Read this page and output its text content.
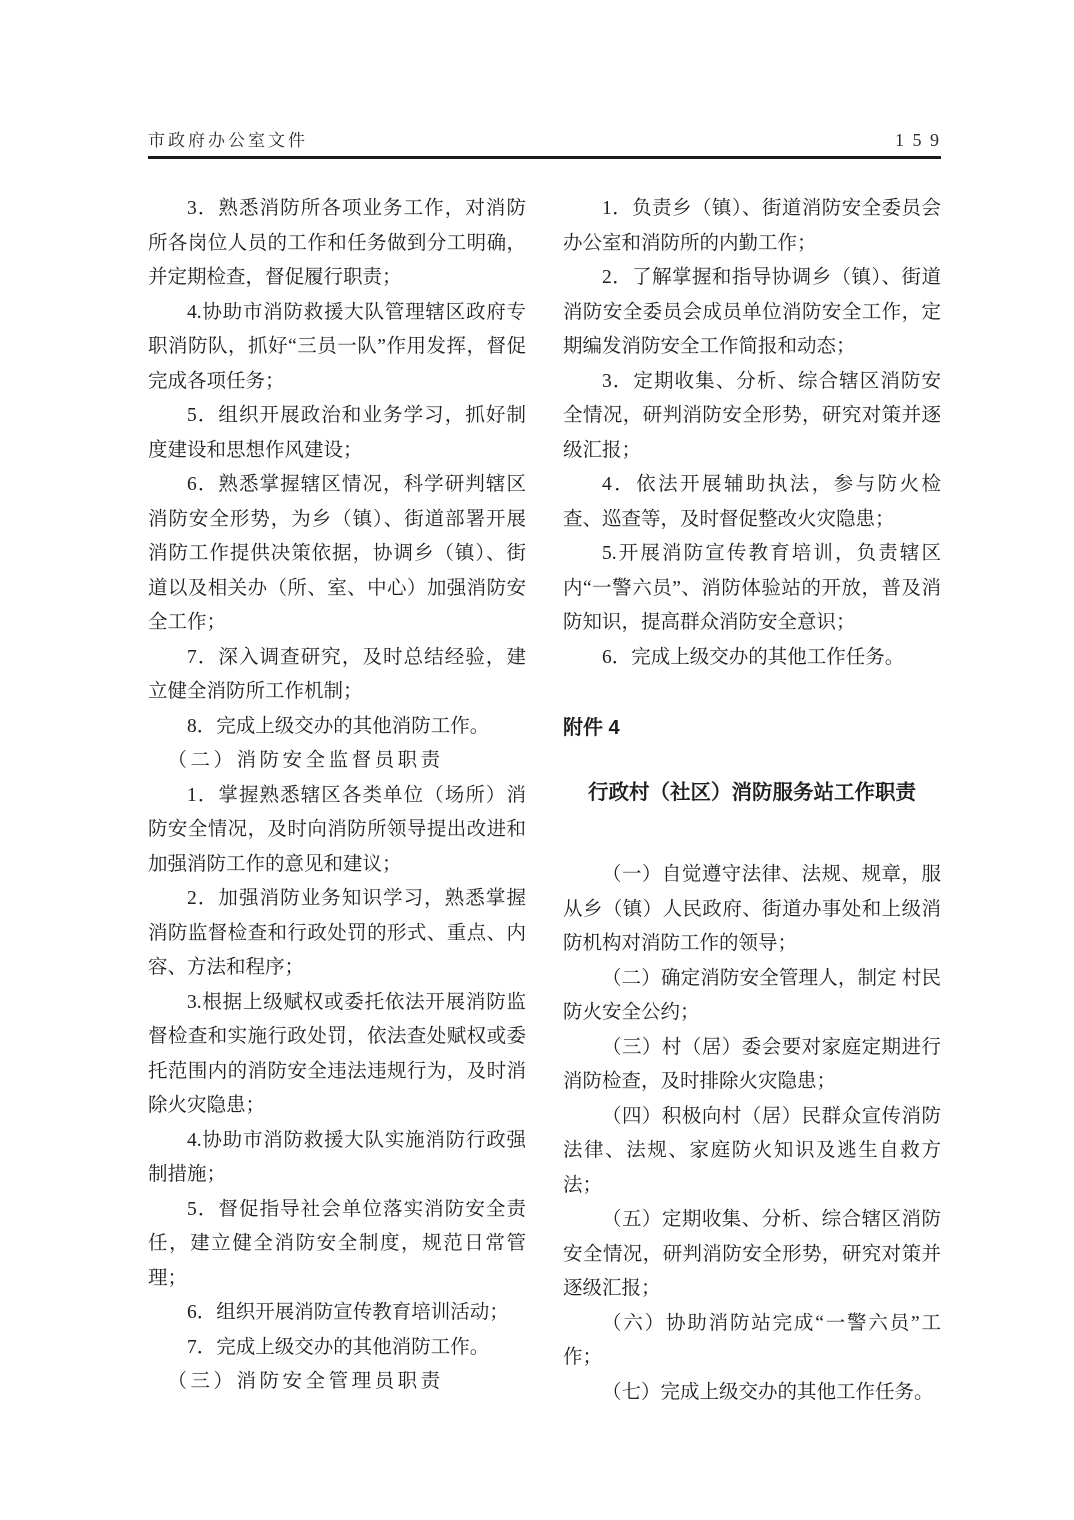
市政府办公室文件	1 5 9

3．熟悉消防所各项业务工作，对消防所各岗位人员的工作和任务做到分工明确，并定期检查，督促履行职责；

4.协助市消防救援大队管理辖区政府专职消防队，抓好“三员一队”作用发挥，督促完成各项任务；

5．组织开展政治和业务学习，抓好制度建设和思想作风建设；

6．熟悉掌握辖区情况，科学研判辖区消防安全形势，为乡（镇）、街道部署开展消防工作提供决策依据，协调乡（镇）、街道以及相关办（所、室、中心）加强消防安全工作；

7．深入调查研究，及时总结经验，建立健全消防所工作机制；

8．完成上级交办的其他消防工作。

（二）消防安全监督员职责

1．掌握熟悉辖区各类单位（场所）消防安全情况，及时向消防所领导提出改进和加强消防工作的意见和建议；

2．加强消防业务知识学习，熟悉掌握消防监督检查和行政处罚的形式、重点、内容、方法和程序；

3.根据上级赋权或委托依法开展消防监督检查和实施行政处罚，依法查处赋权或委托范围内的消防安全违法违规行为，及时消除火灾隐患；

4.协助市消防救援大队实施消防行政强制措施；

5．督促指导社会单位落实消防安全责任，建立健全消防安全制度，规范日常管理；

6．组织开展消防宣传教育培训活动；

7．完成上级交办的其他消防工作。

（三）消防安全管理员职责

1．负责乡（镇）、街道消防安全委员会办公室和消防所的内勤工作；

2．了解掌握和指导协调乡（镇）、街道消防安全委员会成员单位消防安全工作，定期编发消防安全工作简报和动态；

3．定期收集、分析、综合辖区消防安全情况，研判消防安全形势，研究对策并逐级汇报；

4．依法开展辅助执法，参与防火检查、巡查等，及时督促整改火灾隐患；

5.开展消防宣传教育培训，负责辖区内“一警六员”、消防体验站的开放，普及消防知识，提高群众消防安全意识；

6．完成上级交办的其他工作任务。

附件 4

行政村（社区）消防服务站工作职责

（一）自觉遵守法律、法规、规章，服从乡（镇）人民政府、街道办事处和上级消防机构对消防工作的领导；

（二）确定消防安全管理人，制定 村民防火安全公约；

（三）村（居）委会要对家庭定期进行消防检查，及时排除火灾隐患；

（四）积极向村（居）民群众宣传消防法律、法规、家庭防火知识及逃生自救方法；

（五）定期收集、分析、综合辖区消防安全情况，研判消防安全形势，研究对策并逐级汇报；

（六）协助消防站完成“一警六员”工作；

（七）完成上级交办的其他工作任务。
